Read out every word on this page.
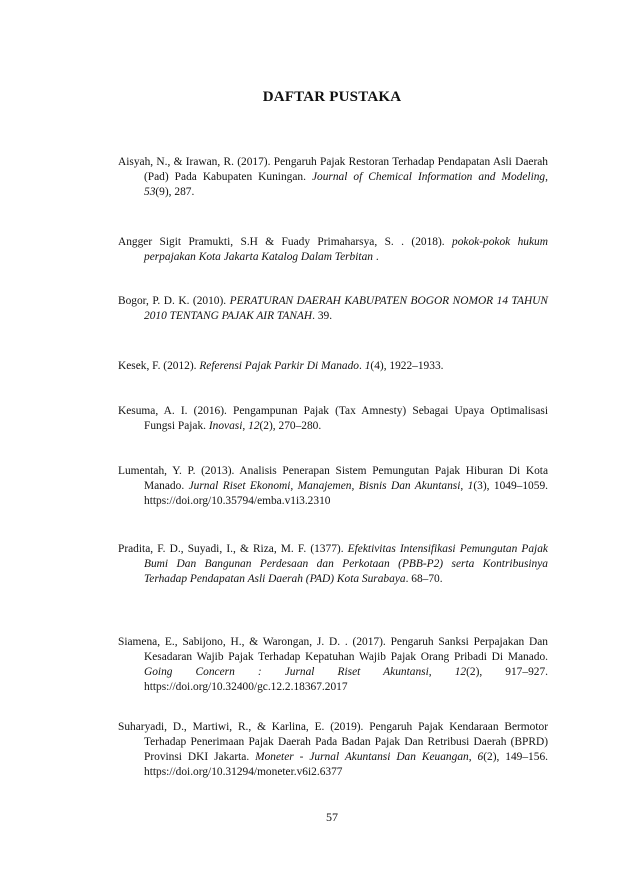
DAFTAR PUSTAKA
Aisyah, N., & Irawan, R. (2017). Pengaruh Pajak Restoran Terhadap Pendapatan Asli Daerah (Pad) Pada Kabupaten Kuningan. Journal of Chemical Information and Modeling, 53(9), 287.
Angger Sigit Pramukti, S.H & Fuady Primaharsya, S. . (2018). pokok-pokok hukum perpajakan Kota Jakarta Katalog Dalam Terbitan .
Bogor, P. D. K. (2010). PERATURAN DAERAH KABUPATEN BOGOR NOMOR 14 TAHUN 2010 TENTANG PAJAK AIR TANAH. 39.
Kesek, F. (2012). Referensi Pajak Parkir Di Manado. 1(4), 1922–1933.
Kesuma, A. I. (2016). Pengampunan Pajak (Tax Amnesty) Sebagai Upaya Optimalisasi Fungsi Pajak. Inovasi, 12(2), 270–280.
Lumentah, Y. P. (2013). Analisis Penerapan Sistem Pemungutan Pajak Hiburan Di Kota Manado. Jurnal Riset Ekonomi, Manajemen, Bisnis Dan Akuntansi, 1(3), 1049–1059. https://doi.org/10.35794/emba.v1i3.2310
Pradita, F. D., Suyadi, I., & Riza, M. F. (1377). Efektivitas Intensifikasi Pemungutan Pajak Bumi Dan Bangunan Perdesaan dan Perkotaan (PBB-P2) serta Kontribusinya Terhadap Pendapatan Asli Daerah (PAD) Kota Surabaya. 68–70.
Siamena, E., Sabijono, H., & Warongan, J. D. . (2017). Pengaruh Sanksi Perpajakan Dan Kesadaran Wajib Pajak Terhadap Kepatuhan Wajib Pajak Orang Pribadi Di Manado. Going Concern : Jurnal Riset Akuntansi, 12(2), 917–927. https://doi.org/10.32400/gc.12.2.18367.2017
Suharyadi, D., Martiwi, R., & Karlina, E. (2019). Pengaruh Pajak Kendaraan Bermotor Terhadap Penerimaan Pajak Daerah Pada Badan Pajak Dan Retribusi Daerah (BPRD) Provinsi DKI Jakarta. Moneter - Jurnal Akuntansi Dan Keuangan, 6(2), 149–156. https://doi.org/10.31294/moneter.v6i2.6377
57
